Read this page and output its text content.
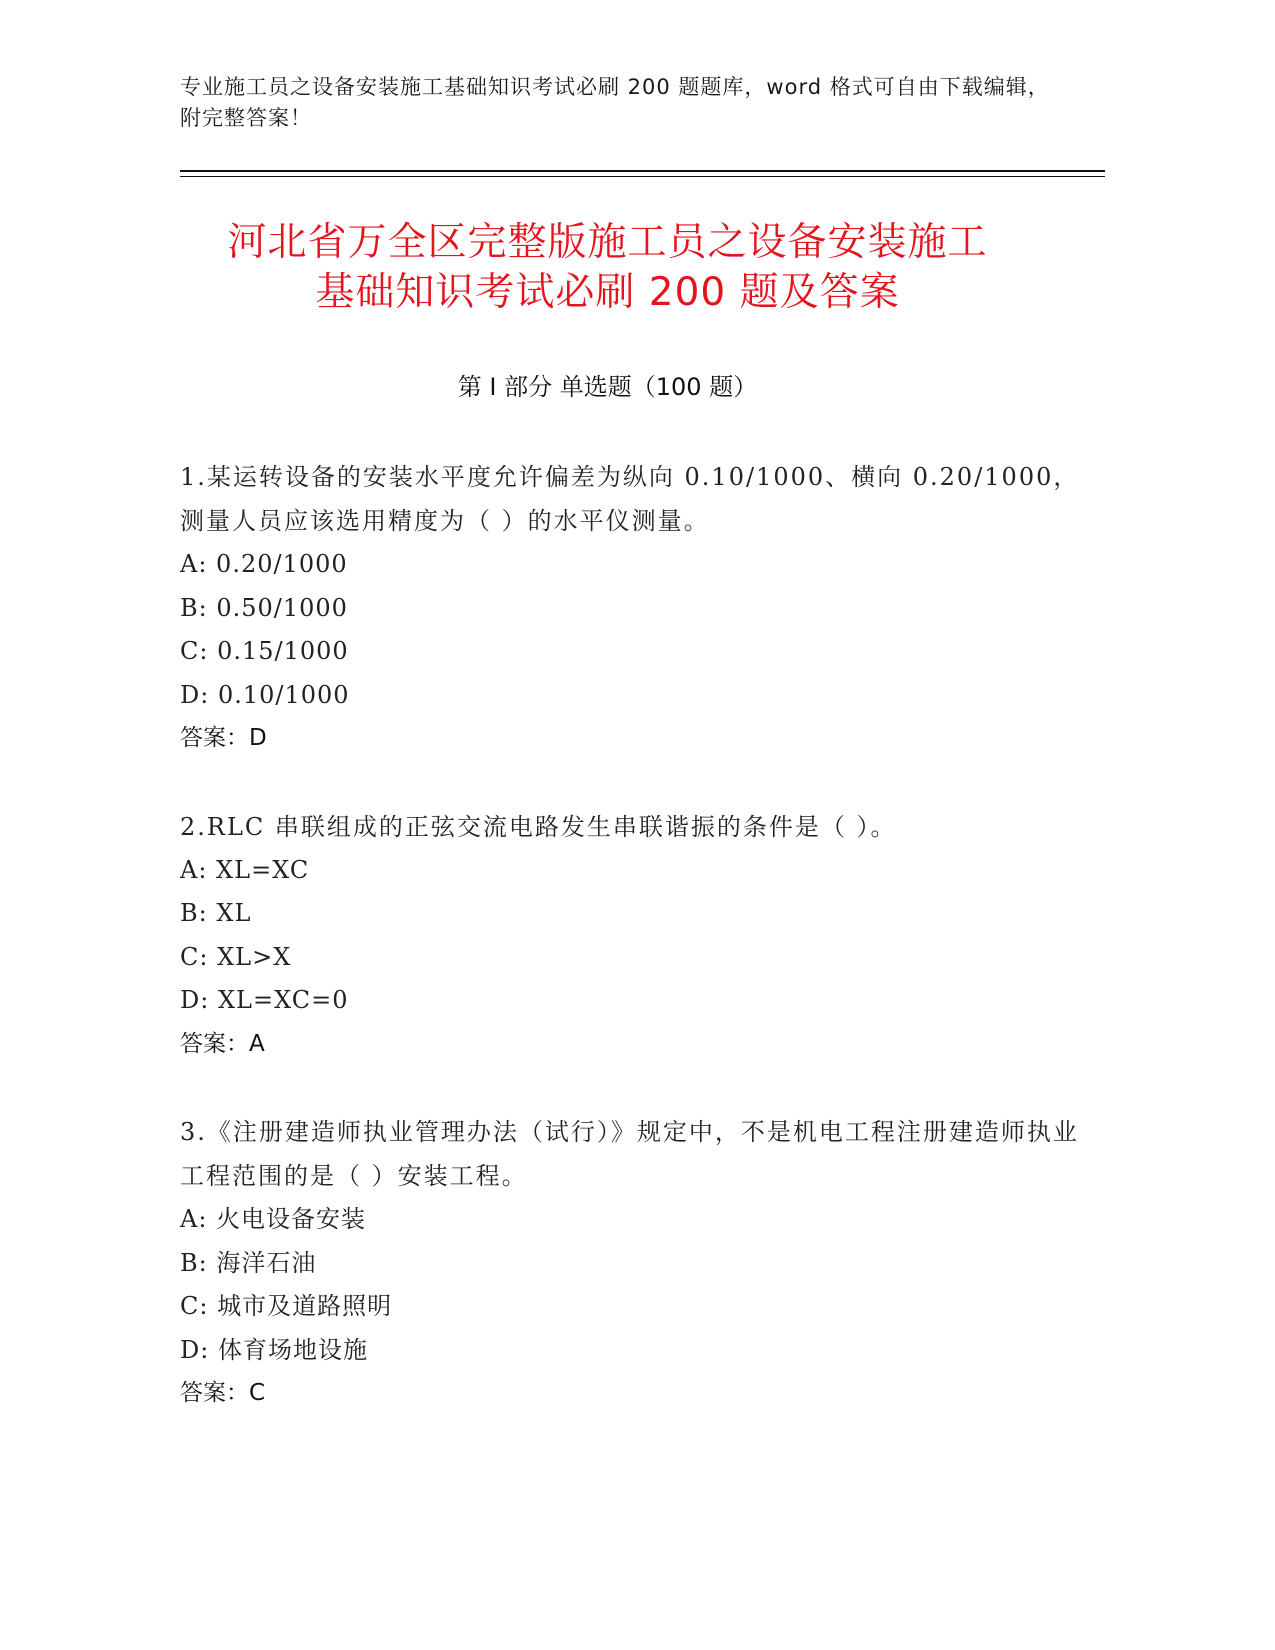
专业施工员之设备安装施工基础知识考试必刷 200 题题库，word 格式可自由下载编辑，附完整答案！
河北省万全区完整版施工员之设备安装施工
基础知识考试必刷 200 题及答案
第 I 部分 单选题（100 题）

1.某运转设备的安装水平度允许偏差为纵向 0.10/1000、横向 0.20/1000，测量人员应该选用精度为（ ）的水平仪测量。

A: 0.20/1000

B: 0.50/1000

C: 0.15/1000

D: 0.10/1000

答案：D

2.RLC 串联组成的正弦交流电路发生串联谐振的条件是（ ）。

A: XL=XC

B: XL

C: XL>X

D: XL=XC=0

答案：A

3.《注册建造师执业管理办法（试行）》规定中，不是机电工程注册建造师执业工程范围的是（ ）安装工程。

A: 火电设备安装

B: 海洋石油

C: 城市及道路照明

D: 体育场地设施

答案：C
